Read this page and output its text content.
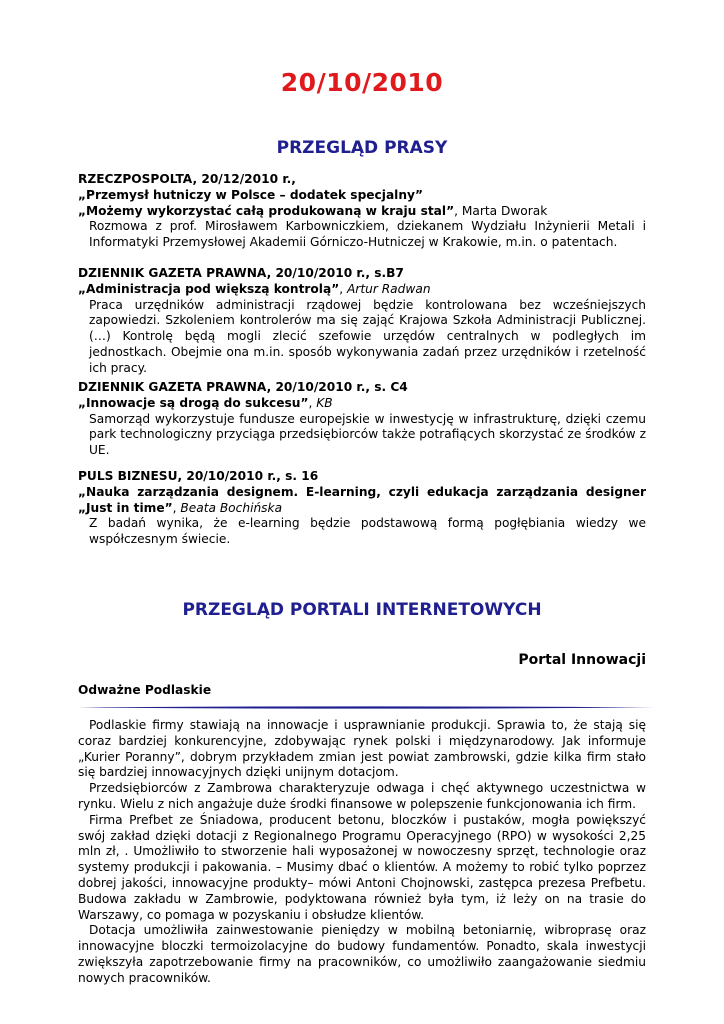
20/10/2010
PRZEGLĄD PRASY
RZECZPOSPOLTA, 20/12/2010 r.,
„Przemysł hutniczy w Polsce – dodatek specjalny”
„Możemy wykorzystać całą produkowaną w kraju stal”, Marta Dworak
Rozmowa z prof. Mirosławem Karbowniczkiem, dziekanem Wydziału Inżynierii Metali i Informatyki Przemysłowej Akademii Górniczo-Hutniczej w Krakowie, m.in. o patentach.
DZIENNIK GAZETA PRAWNA, 20/10/2010 r., s.B7
„Administracja pod większą kontrolą”, Artur Radwan
Praca urzędników administracji rządowej będzie kontrolowana bez wcześniejszych zapowiedzi. Szkoleniem kontrolerów ma się zająć Krajowa Szkoła Administracji Publicznej. (…) Kontrolę będą mogli zlecić szefowie urzędów centralnych w podległych im jednostkach. Obejmie ona m.in. sposób wykonywania zadań przez urzędników i rzetelność ich pracy.
DZIENNIK GAZETA PRAWNA, 20/10/2010 r., s. C4
„Innowacje są drogą do sukcesu”, KB
Samorząd wykorzystuje fundusze europejskie w inwestycję w infrastrukturę, dzięki czemu park technologiczny przyciąga przedsiębiorców także potrafiących skorzystać ze środków z UE.
PULS BIZNESU, 20/10/2010 r., s. 16
„Nauka zarządzania designem. E-learning, czyli edukacja zarządzania designer „Just in time”, Beata Bochińska
Z badań wynika, że e-learning będzie podstawową formą pogłębiania wiedzy we współczesnym świecie.
PRZEGLĄD PORTALI INTERNETOWYCH
Portal Innowacji
Odważne Podlaskie

Podlaskie firmy stawiają na innowacje i usprawnianie produkcji. Sprawia to, że stają się coraz bardziej konkurencyjne, zdobywając rynek polski i międzynarodowy. Jak informuje „Kurier Poranny”, dobrym przykładem zmian jest powiat zambrowski, gdzie kilka firm stało się bardziej innowacyjnych dzięki unijnym dotacjom.

Przedsiębiorców z Zambrowa charakteryzuje odwaga i chęć aktywnego uczestnictwa w rynku. Wielu z nich angażuje duże środki finansowe w polepszenie funkcjonowania ich firm.

Firma Prefbet ze Śniadowa, producent betonu, bloczków i pustaków, mogła powiększyć swój zakład dzięki dotacji z Regionalnego Programu Operacyjnego (RPO) w wysokości 2,25 mln zł, . Umożliwiło to stworzenie hali wyposażonej w nowoczesny sprzęt, technologie oraz systemy produkcji i pakowania. – Musimy dbać o klientów. A możemy to robić tylko poprzez dobrej jakości, innowacyjne produkty– mówi Antoni Chojnowski, zastępca prezesa Prefbetu. Budowa zakładu w Zambrowie, podyktowana również była tym, iż leży on na trasie do Warszawy, co pomaga w pozyskaniu i obsłudze klientów.

Dotacja umożliwiła zainwestowanie pieniędzy w mobilną betoniarnię, wibroprasę oraz innowacyjne bloczki termoizolacyjne do budowy fundamentów. Ponadto, skala inwestycji zwiększyła zapotrzebowanie firmy na pracowników, co umożliwiło zaangażowanie siedmiu nowych pracowników.
